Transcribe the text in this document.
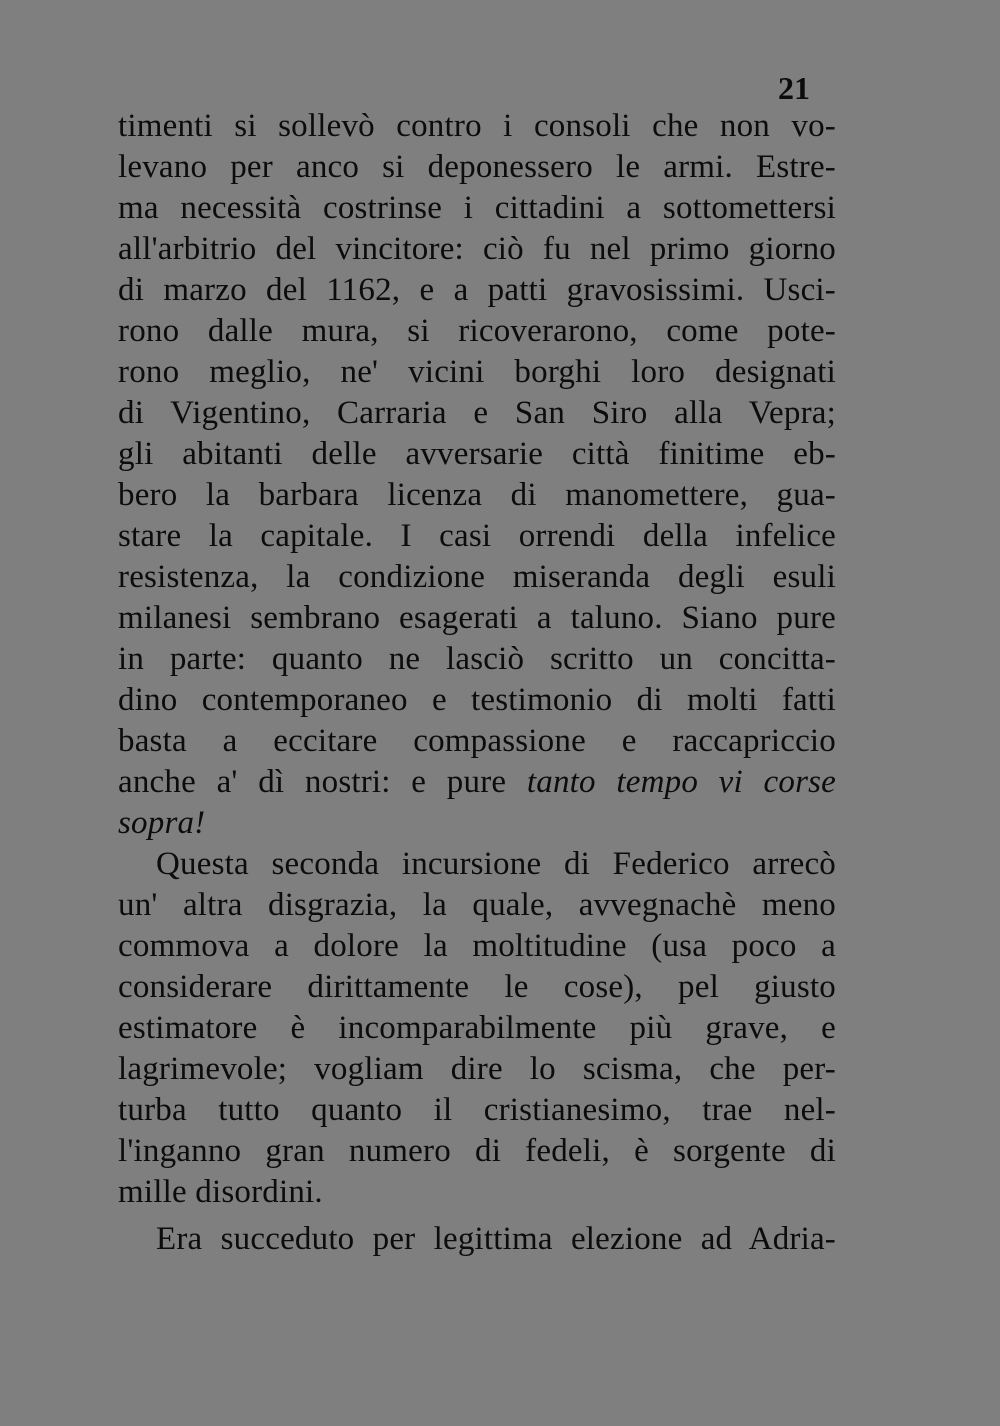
21
timenti si sollevò contro i consoli che non vo-
levano per anco si deponessero le armi. Estre-
ma necessità costrinse i cittadini a sottomettersi
all'arbitrio del vincitore: ciò fu nel primo giorno
di marzo del 1162, e a patti gravosissimi. Usci-
rono dalle mura, si ricoverarono, come pote-
rono meglio, ne' vicini borghi loro designati
di Vigentino, Carraria e San Siro alla Vepra;
gli abitanti delle avversarie città finitime eb-
bero la barbara licenza di manomettere, gua-
stare la capitale. I casi orrendi della infelice
resistenza, la condizione miseranda degli esuli
milanesi sembrano esagerati a taluno. Siano pure
in parte: quanto ne lasciò scritto un concitta-
dino contemporaneo e testimonio di molti fatti
basta a eccitare compassione e raccapriccio
anche a' dì nostri: e pure tanto tempo vi corse
sopra!
Questa seconda incursione di Federico arrecò
un' altra disgrazia, la quale, avvegnachè meno
commova a dolore la moltitudine (usa poco a
considerare dirittamente le cose), pel giusto
estimatore è incomparabilmente più grave, e
lagrimevole; vogliam dire lo scisma, che per-
turba tutto quanto il cristianesimo, trae nel-
l'inganno gran numero di fedeli, è sorgente di
mille disordini.
Era succeduto per legittima elezione ad Adria-
